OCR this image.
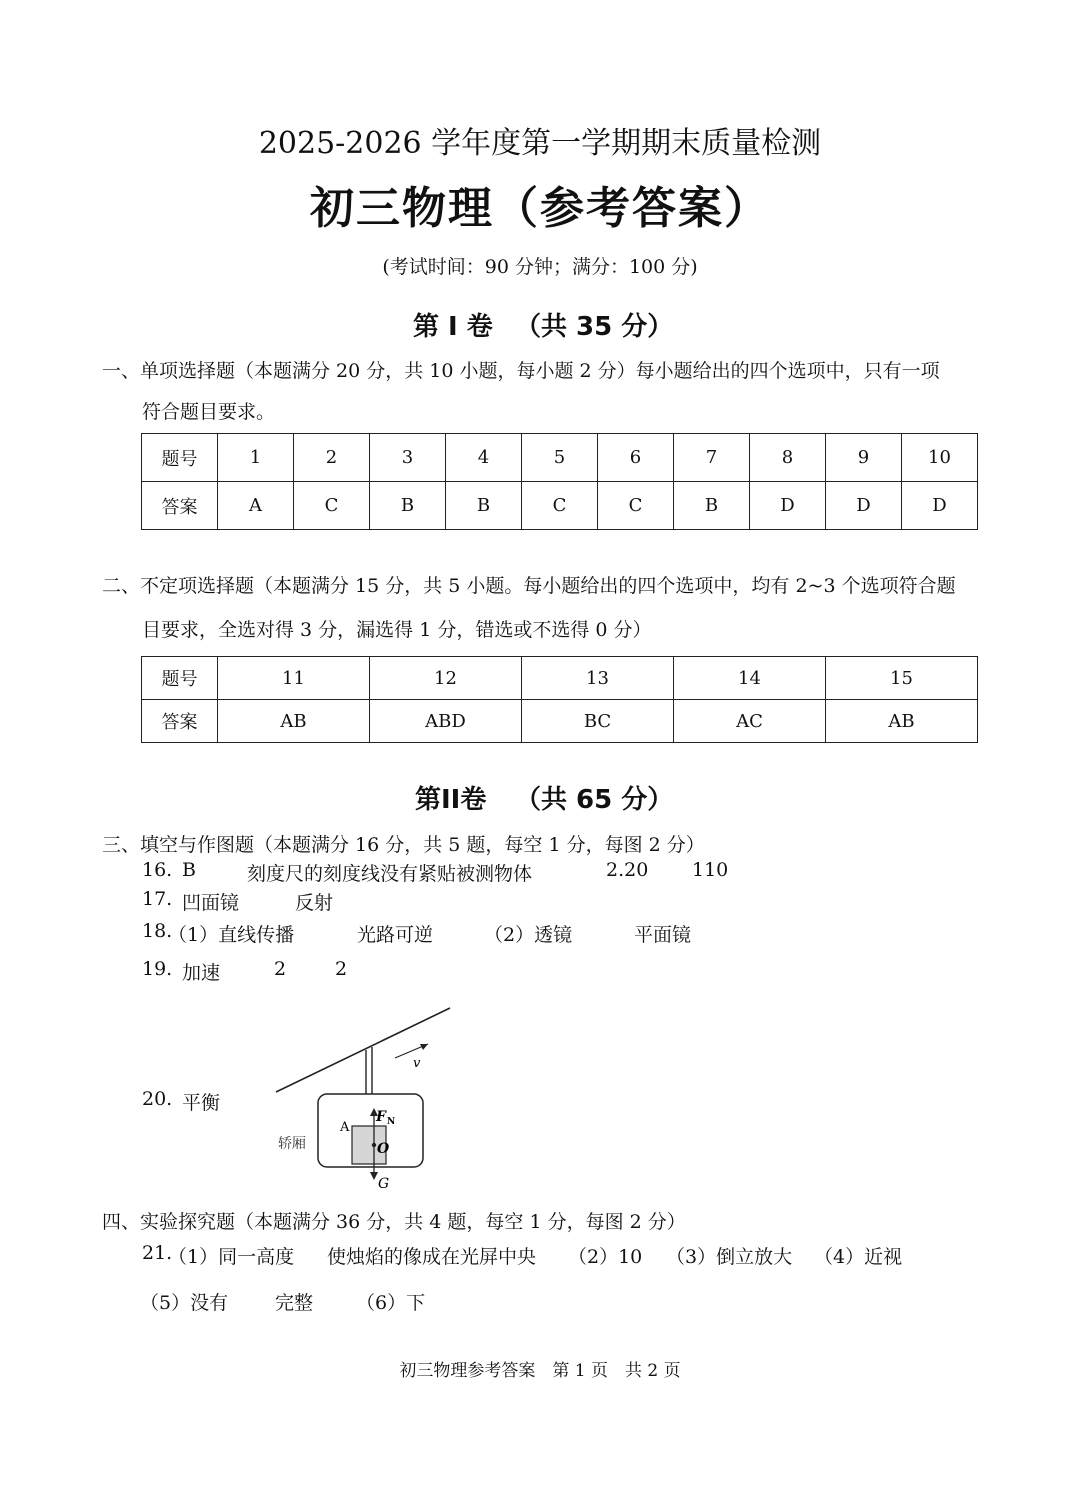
2025-2026 学年度第一学期期末质量检测
初三物理（参考答案）
(考试时间：90 分钟；满分：100 分)
第 I 卷 （共 35 分）
一、单项选择题（本题满分 20 分，共 10 小题，每小题 2 分）每小题给出的四个选项中，只有一项
符合题目要求。
题号	1	2	3	4	5	6	7	8	9	10
答案	A	C	B	B	C	C	B	D	D	D
二、不定项选择题（本题满分 15 分，共 5 小题。每小题给出的四个选项中，均有 2~3 个选项符合题
目要求，全选对得 3 分，漏选得 1 分，错选或不选得 0 分）
题号	11	12	13	14	15
答案	AB	ABD	BC	AC	AB
第II卷 （共 65 分）
三、填空与作图题（本题满分 16 分，共 5 题，每空 1 分，每图 2 分）
16. B	刻度尺的刻度线没有紧贴被测物体	2.20 110
17. 凹面镜	反射
18.
（1）直线传播	光路可逆	（2）透镜	平面镜
19. 加速	2	2
20. 平衡
v
F N
O
G
A
轿厢
四、实验探究题（本题满分 36 分，共 4 题，每空 1 分，每图 2 分）
21.
（1）同一高度 使烛焰的像成在光屏中央 （2）10 （3）倒立放大 （4）近视
（5）没有 完整 （6）下
初三物理参考答案　第 1 页　共 2 页
